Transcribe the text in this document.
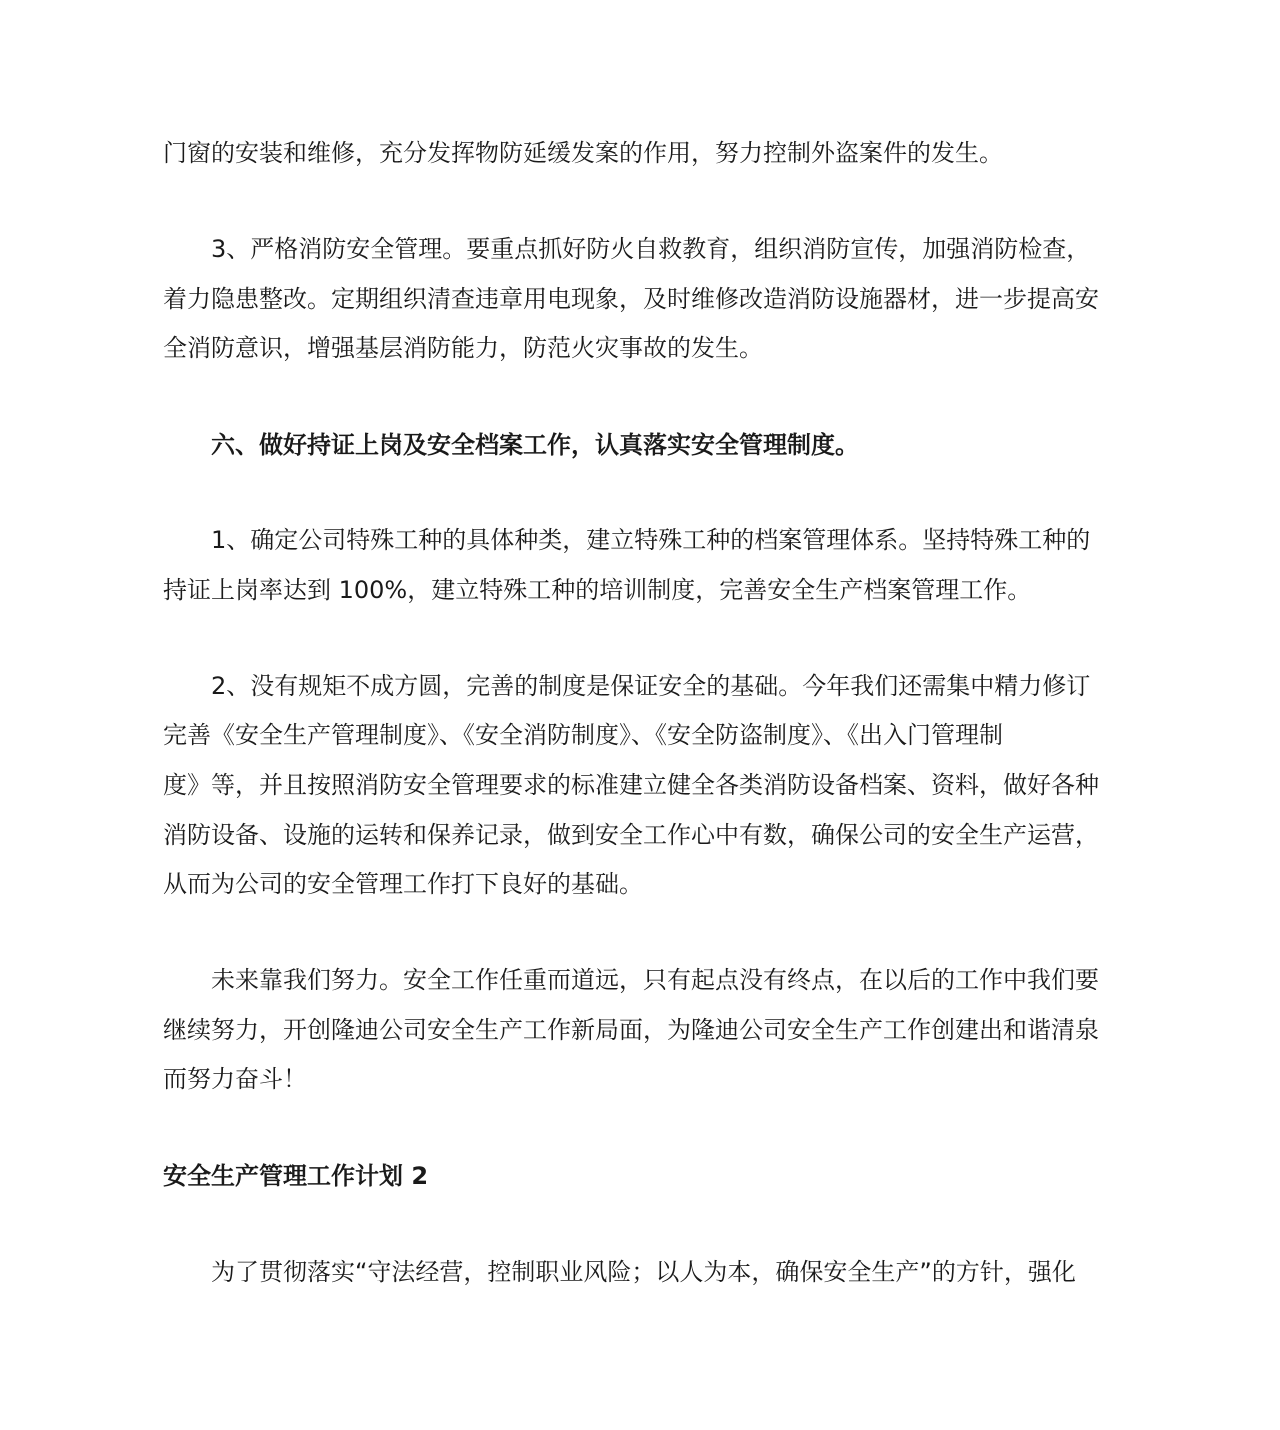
门窗的安装和维修，充分发挥物防延缓发案的作用，努力控制外盗案件的发生。
3、严格消防安全管理。要重点抓好防火自救教育，组织消防宣传，加强消防检查，
着力隐患整改。定期组织清查违章用电现象，及时维修改造消防设施器材，进一步提高安
全消防意识，增强基层消防能力，防范火灾事故的发生。
六、做好持证上岗及安全档案工作，认真落实安全管理制度。
1、确定公司特殊工种的具体种类，建立特殊工种的档案管理体系。坚持特殊工种的
持证上岗率达到 100%，建立特殊工种的培训制度，完善安全生产档案管理工作。
2、没有规矩不成方圆，完善的制度是保证安全的基础。今年我们还需集中精力修订
完善《安全生产管理制度》、《安全消防制度》、《安全防盗制度》、《出入门管理制
度》等，并且按照消防安全管理要求的标准建立健全各类消防设备档案、资料，做好各种
消防设备、设施的运转和保养记录，做到安全工作心中有数，确保公司的安全生产运营，
从而为公司的安全管理工作打下良好的基础。
未来靠我们努力。安全工作任重而道远，只有起点没有终点，在以后的工作中我们要
继续努力，开创隆迪公司安全生产工作新局面，为隆迪公司安全生产工作创建出和谐清泉
而努力奋斗！
安全生产管理工作计划 2
为了贯彻落实“守法经营，控制职业风险；以人为本，确保安全生产”的方针，强化
